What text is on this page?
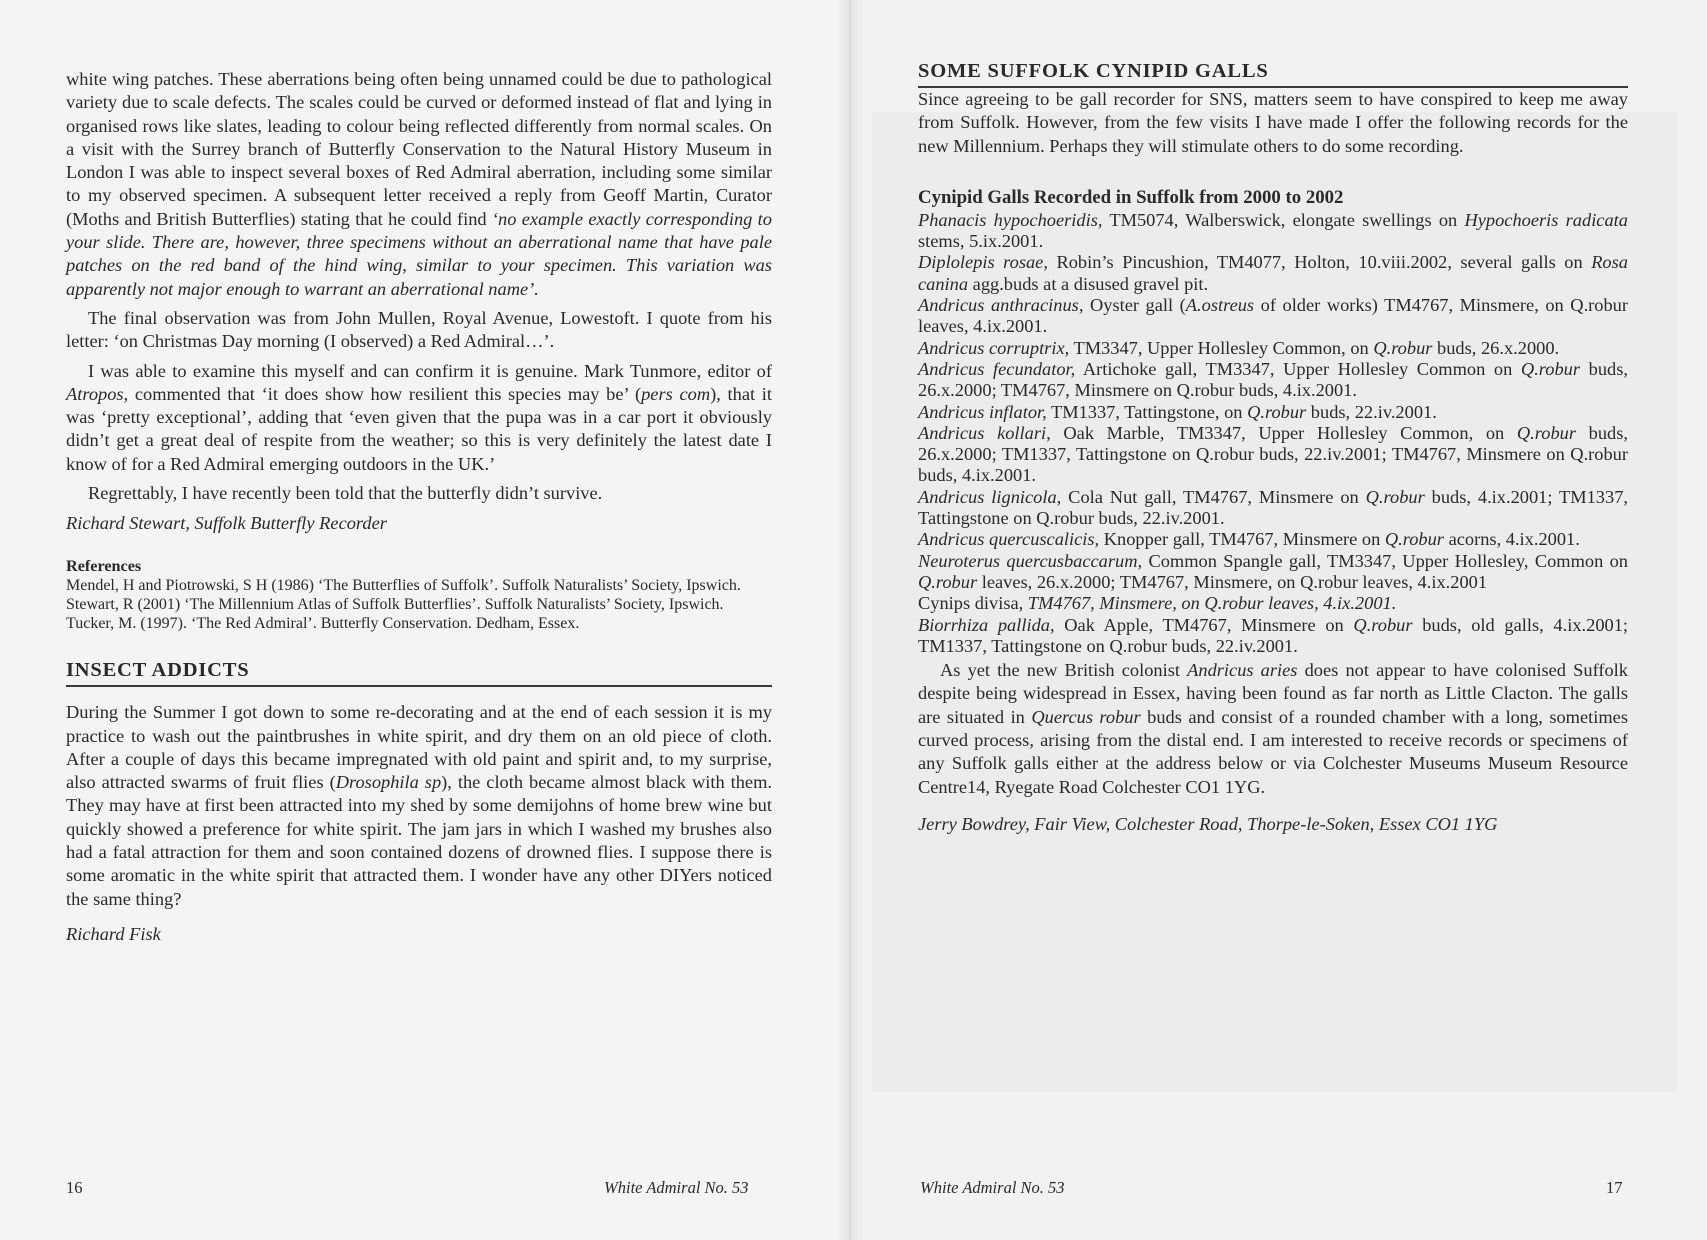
white wing patches. These aberrations being often being unnamed could be due to pathological variety due to scale defects. The scales could be curved or deformed instead of flat and lying in organised rows like slates, leading to colour being reflected differently from normal scales. On a visit with the Surrey branch of Butterfly Conservation to the Natural History Museum in London I was able to inspect several boxes of Red Admiral aberration, including some similar to my observed specimen. A subsequent letter received a reply from Geoff Martin, Curator (Moths and British Butterflies) stating that he could find ‘no example exactly corresponding to your slide. There are, however, three specimens without an aberrational name that have pale patches on the red band of the hind wing, similar to your specimen. This variation was apparently not major enough to warrant an aberrational name’.

The final observation was from John Mullen, Royal Avenue, Lowestoft. I quote from his letter: ‘on Christmas Day morning (I observed) a Red Admiral…’.

I was able to examine this myself and can confirm it is genuine. Mark Tunmore, editor of Atropos, commented that ‘it does show how resilient this species may be’ (pers com), that it was ‘pretty exceptional’, adding that ‘even given that the pupa was in a car port it obviously didn’t get a great deal of respite from the weather; so this is very definitely the latest date I know of for a Red Admiral emerging outdoors in the UK.’

Regrettably, I have recently been told that the butterfly didn’t survive.

Richard Stewart, Suffolk Butterfly Recorder

References

Mendel, H and Piotrowski, S H (1986) ‘The Butterflies of Suffolk’. Suffolk Naturalists’ Society, Ipswich.

Stewart, R (2001) ‘The Millennium Atlas of Suffolk Butterflies’. Suffolk Naturalists’ Society, Ipswich.

Tucker, M. (1997). ‘The Red Admiral’. Butterfly Conservation. Dedham, Essex.

INSECT ADDICTS

During the Summer I got down to some re-decorating and at the end of each session it is my practice to wash out the paintbrushes in white spirit, and dry them on an old piece of cloth. After a couple of days this became impregnated with old paint and spirit and, to my surprise, also attracted swarms of fruit flies (Drosophila sp), the cloth became almost black with them. They may have at first been attracted into my shed by some demijohns of home brew wine but quickly showed a preference for white spirit. The jam jars in which I washed my brushes also had a fatal attraction for them and soon contained dozens of drowned flies. I suppose there is some aromatic in the white spirit that attracted them. I wonder have any other DIYers noticed the same thing?

Richard Fisk

16	White Admiral No. 53
SOME SUFFOLK CYNIPID GALLS

Since agreeing to be gall recorder for SNS, matters seem to have conspired to keep me away from Suffolk. However, from the few visits I have made I offer the following records for the new Millennium. Perhaps they will stimulate others to do some recording.

Cynipid Galls Recorded in Suffolk from 2000 to 2002

Phanacis hypochoeridis, TM5074, Walberswick, elongate swellings on Hypochoeris radicata stems, 5.ix.2001.

Diplolepis rosae, Robin’s Pincushion, TM4077, Holton, 10.viii.2002, several galls on Rosa canina agg.buds at a disused gravel pit.

Andricus anthracinus, Oyster gall (A.ostreus of older works) TM4767, Minsmere, on Q.robur leaves, 4.ix.2001.

Andricus corruptrix, TM3347, Upper Hollesley Common, on Q.robur buds, 26.x.2000.

Andricus fecundator, Artichoke gall, TM3347, Upper Hollesley Common on Q.robur buds, 26.x.2000; TM4767, Minsmere on Q.robur buds, 4.ix.2001.

Andricus inflator, TM1337, Tattingstone, on Q.robur buds, 22.iv.2001.

Andricus kollari, Oak Marble, TM3347, Upper Hollesley Common, on Q.robur buds, 26.x.2000; TM1337, Tattingstone on Q.robur buds, 22.iv.2001; TM4767, Minsmere on Q.robur buds, 4.ix.2001.

Andricus lignicola, Cola Nut gall, TM4767, Minsmere on Q.robur buds, 4.ix.2001; TM1337, Tattingstone on Q.robur buds, 22.iv.2001.

Andricus quercuscalicis, Knopper gall, TM4767, Minsmere on Q.robur acorns, 4.ix.2001.

Neuroterus quercusbaccarum, Common Spangle gall, TM3347, Upper Hollesley, Common on Q.robur leaves, 26.x.2000; TM4767, Minsmere, on Q.robur leaves, 4.ix.2001

Cynips divisa, TM4767, Minsmere, on Q.robur leaves, 4.ix.2001.

Biorrhiza pallida, Oak Apple, TM4767, Minsmere on Q.robur buds, old galls, 4.ix.2001; TM1337, Tattingstone on Q.robur buds, 22.iv.2001.

As yet the new British colonist Andricus aries does not appear to have colonised Suffolk despite being widespread in Essex, having been found as far north as Little Clacton. The galls are situated in Quercus robur buds and consist of a rounded chamber with a long, sometimes curved process, arising from the distal end. I am interested to receive records or specimens of any Suffolk galls either at the address below or via Colchester Museums Museum Resource Centre14, Ryegate Road Colchester CO1 1YG.

Jerry Bowdrey, Fair View, Colchester Road, Thorpe-le-Soken, Essex CO1 1YG

White Admiral No. 53	17
